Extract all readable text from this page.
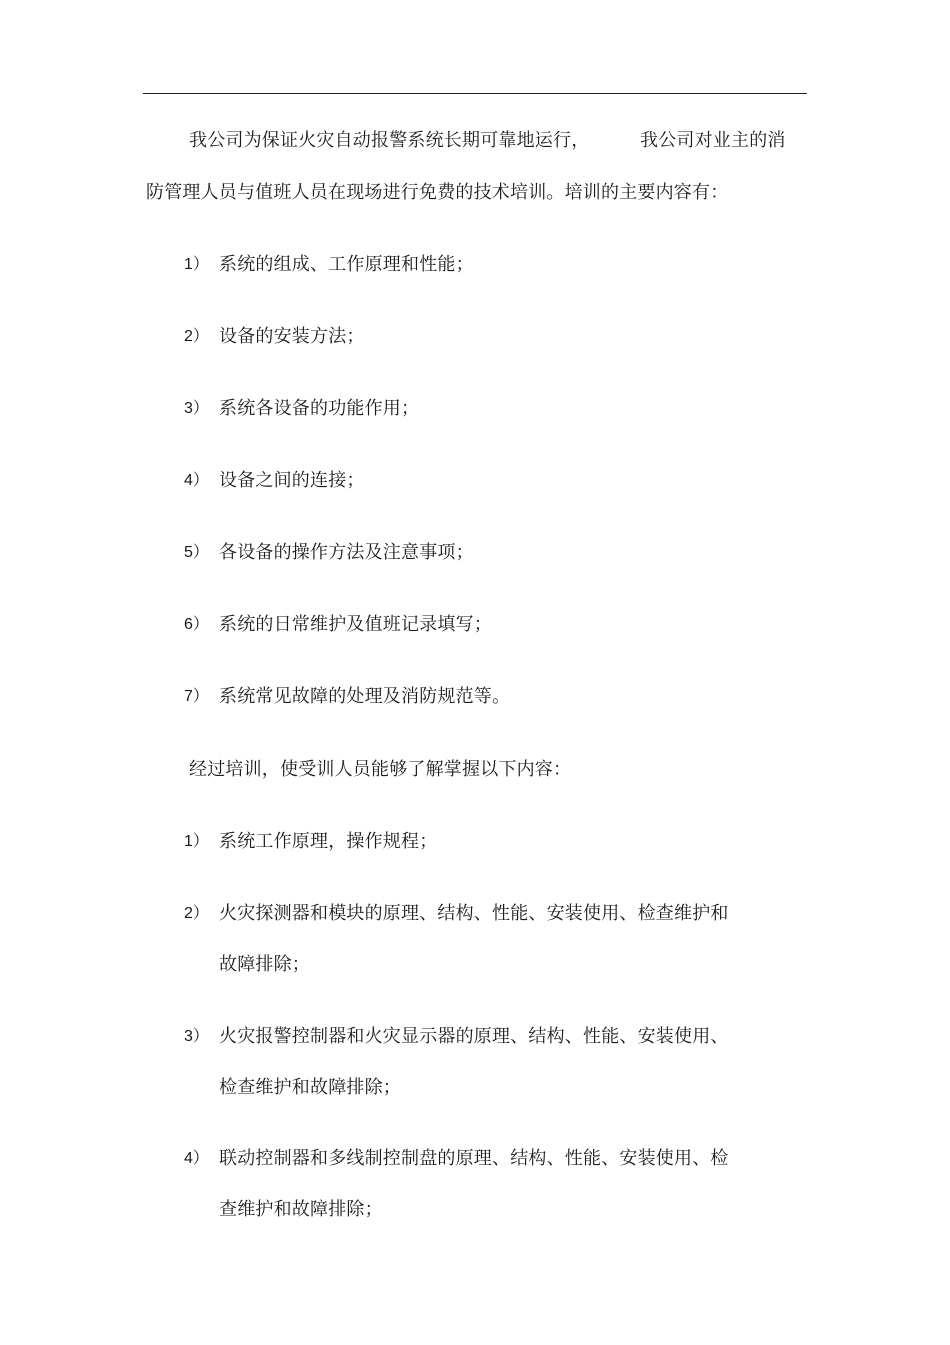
我公司为保证火灾自动报警系统长期可靠地运行，	我公司对业主的消
防管理人员与值班人员在现场进行免费的技术培训。培训的主要内容有：
1） 系统的组成、工作原理和性能；
2） 设备的安装方法；
3） 系统各设备的功能作用；
4） 设备之间的连接；
5） 各设备的操作方法及注意事项；
6） 系统的日常维护及值班记录填写；
7） 系统常见故障的处理及消防规范等。
经过培训，使受训人员能够了解掌握以下内容：
1） 系统工作原理，操作规程；
2） 火灾探测器和模块的原理、结构、性能、安装使用、检查维护和
故障排除；
3） 火灾报警控制器和火灾显示器的原理、结构、性能、安装使用、
检查维护和故障排除；
4） 联动控制器和多线制控制盘的原理、结构、性能、安装使用、检
查维护和故障排除；
